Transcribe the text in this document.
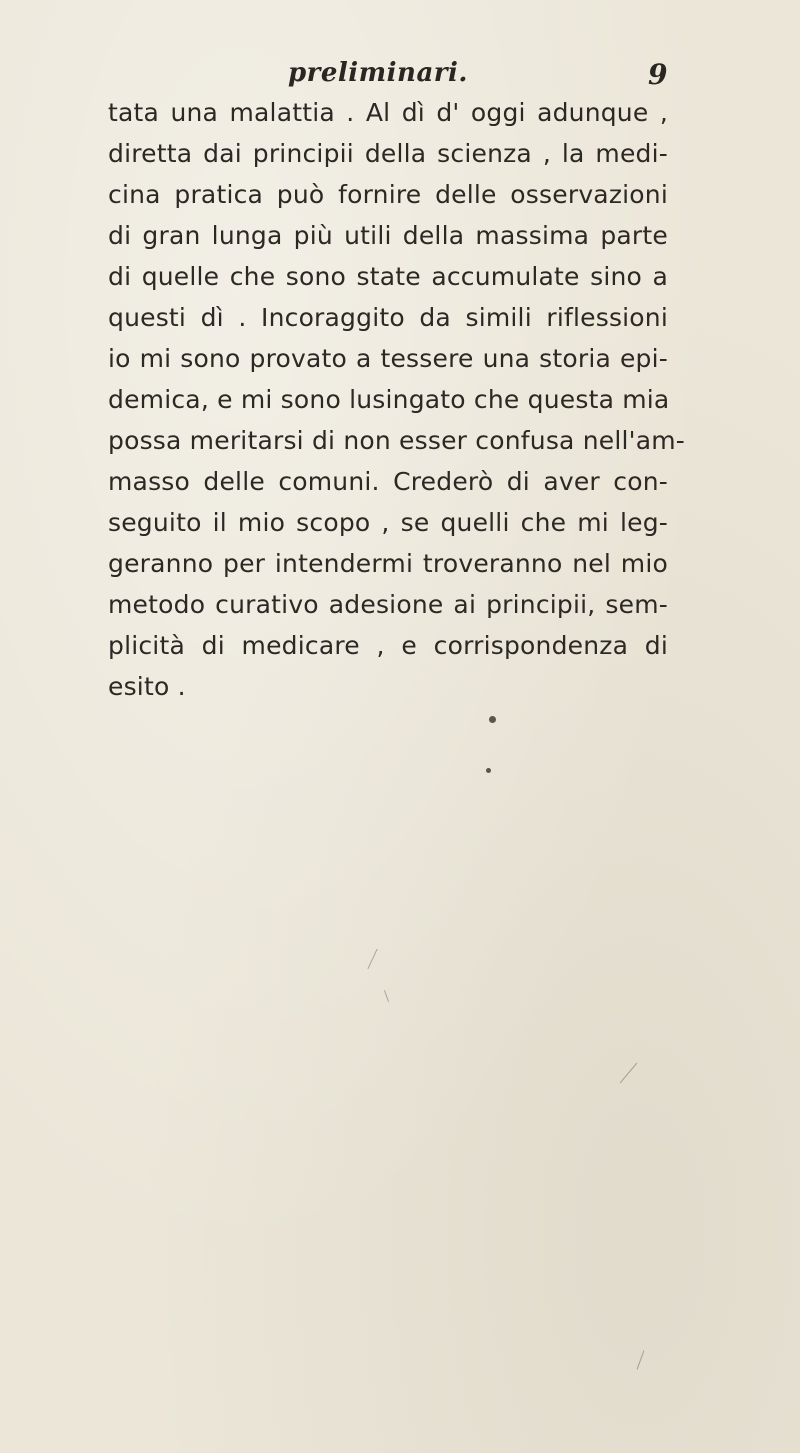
preliminari.	9
tata una malattia . Al dì d' oggi adunque ,
diretta dai principii della scienza , la medi-
cina pratica può fornire delle osservazioni
di gran lunga più utili della massima parte
di quelle che sono state accumulate sino a
questi dì . Incoraggito da simili riflessioni
io mi sono provato a tessere una storia epi-
demica, e mi sono lusingato che questa mia
possa meritarsi di non esser confusa nell'am-
masso delle comuni. Crederò di aver con-
seguito il mio scopo , se quelli che mi leg-
geranno per intendermi troveranno nel mio
metodo curativo adesione ai principii, sem-
plicità di medicare , e corrispondenza di
esito .
